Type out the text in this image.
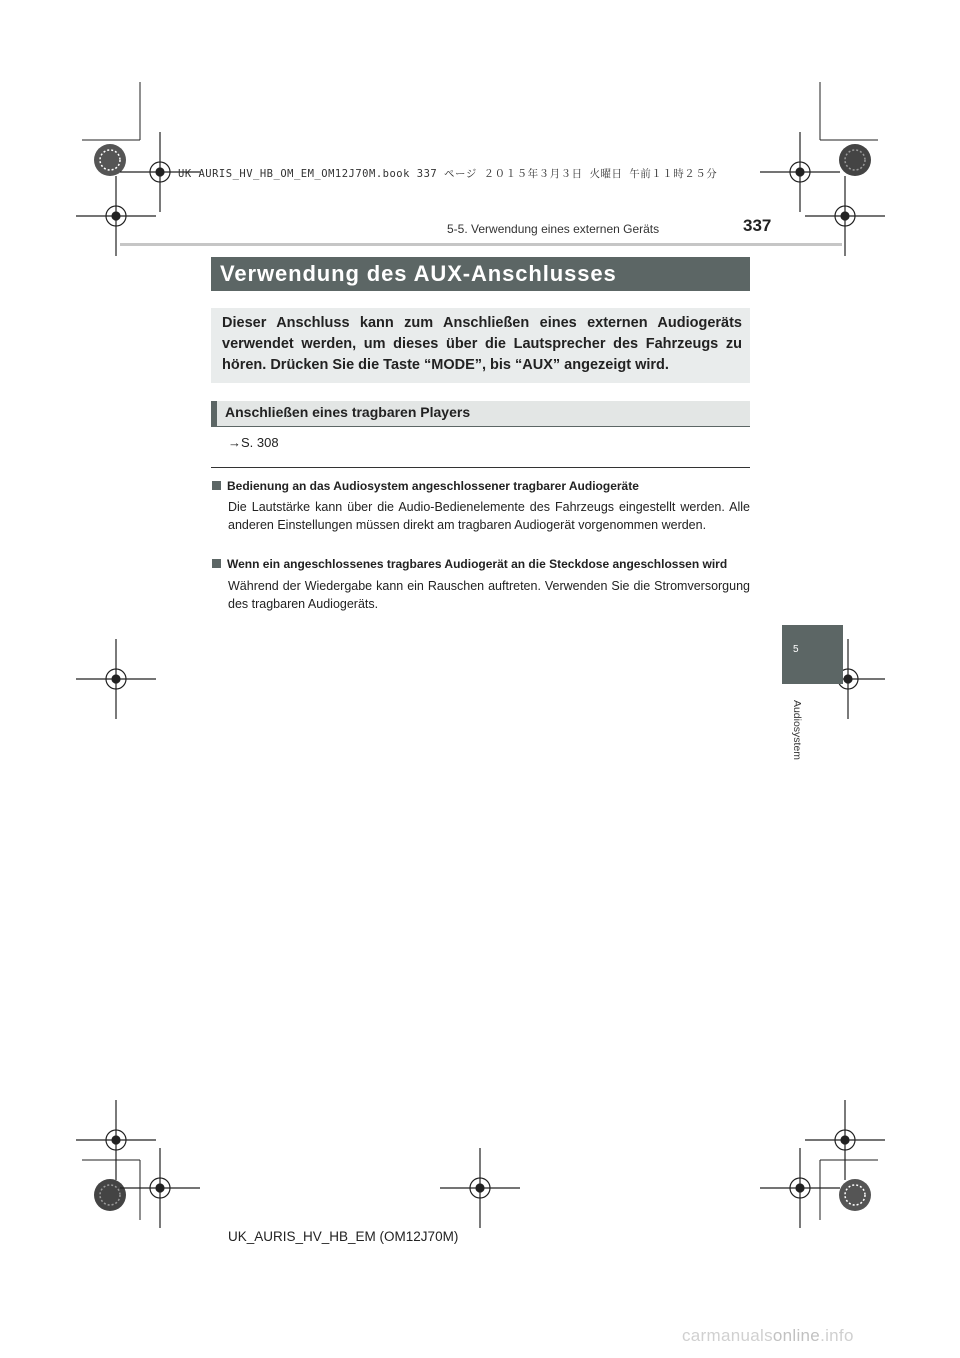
UK AURIS_HV_HB_OM_EM_OM12J70M.book 337 ページ ２０１５年３月３日 火曜日 午前１１時２５分
5-5. Verwendung eines externen Geräts	337
Verwendung des AUX-Anschlusses
Dieser Anschluss kann zum Anschließen eines externen Audiogeräts verwendet werden, um dieses über die Lautsprecher des Fahrzeugs zu hören. Drücken Sie die Taste “MODE”, bis “AUX” angezeigt wird.
Anschließen eines tragbaren Players
→S. 308
Bedienung an das Audiosystem angeschlossener tragbarer Audiogeräte
Die Lautstärke kann über die Audio-Bedienelemente des Fahrzeugs eingestellt werden. Alle anderen Einstellungen müssen direkt am tragbaren Audiogerät vorgenommen werden.
Wenn ein angeschlossenes tragbares Audiogerät an die Steckdose angeschlossen wird
Während der Wiedergabe kann ein Rauschen auftreten. Verwenden Sie die Stromversorgung des tragbaren Audiogeräts.
5
Audiosystem
UK_AURIS_HV_HB_EM (OM12J70M)
carmanualsonline.info
